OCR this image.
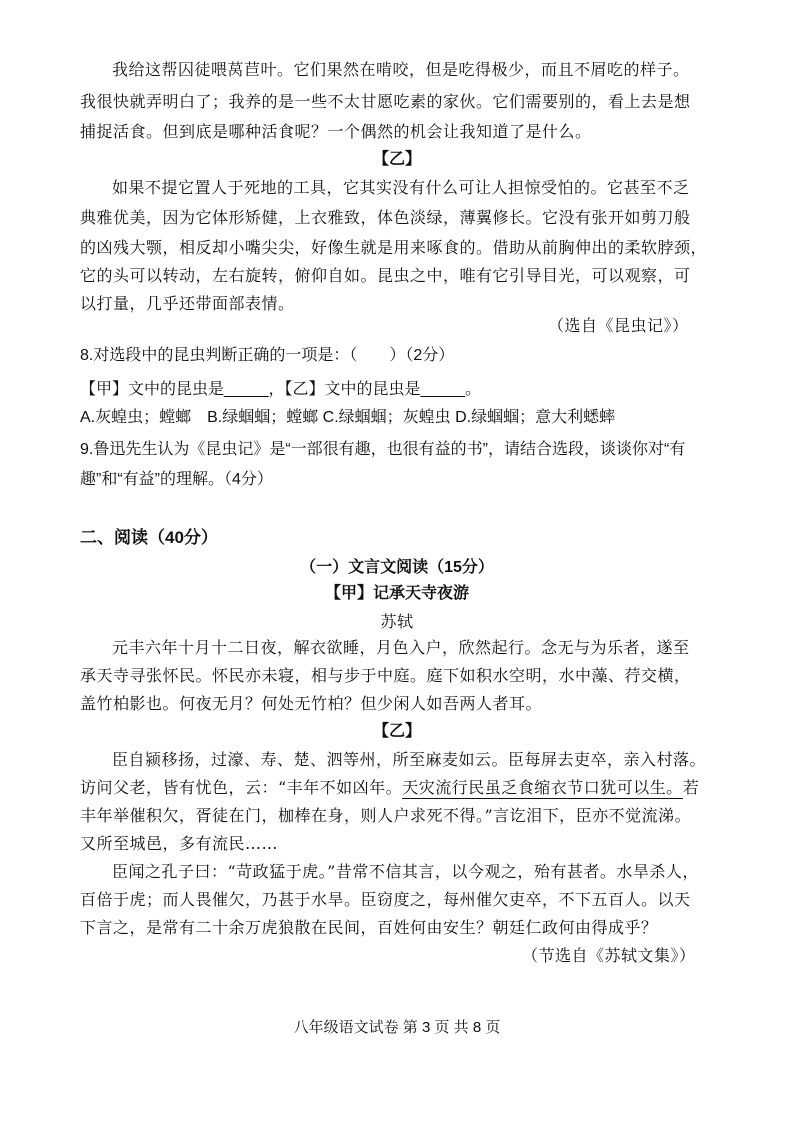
我给这帮囚徒喂莴苣叶。它们果然在啃咬，但是吃得极少，而且不屑吃的样子。
我很快就弄明白了；我养的是一些不太甘愿吃素的家伙。它们需要别的，看上去是想
捕捉活食。但到底是哪种活食呢？一个偶然的机会让我知道了是什么。
【乙】
如果不提它置人于死地的工具，它其实没有什么可让人担惊受怕的。它甚至不乏
典雅优美，因为它体形矫健，上衣雅致，体色淡绿，薄翼修长。它没有张开如剪刀般
的凶残大颚，相反却小嘴尖尖，好像生就是用来啄食的。借助从前胸伸出的柔软脖颈，
它的头可以转动，左右旋转，俯仰自如。昆虫之中，唯有它引导目光，可以观察，可
以打量，几乎还带面部表情。
（选自《昆虫记》）
8.对选段中的昆虫判断正确的一项是：（　　）（2分）
【甲】文中的昆虫是_____，【乙】文中的昆虫是_____。
A.灰蝗虫；螳螂　B.绿蝈蝈；螳螂 C.绿蝈蝈；灰蝗虫 D.绿蝈蝈；意大利蟋蟀
9.鲁迅先生认为《昆虫记》是“一部很有趣，也很有益的书”，请结合选段，谈谈你对“有
趣”和“有益”的理解。（4分）
二、阅读（40分）
（一）文言文阅读（15分）
【甲】记承天寺夜游
苏轼
元丰六年十月十二日夜，解衣欲睡，月色入户，欣然起行。念无与为乐者，遂至
承天寺寻张怀民。怀民亦未寝，相与步于中庭。庭下如积水空明，水中藻、荇交横，
盖竹柏影也。何夜无月？何处无竹柏？但少闲人如吾两人者耳。
【乙】
臣自颍移扬，过濠、寿、楚、泗等州，所至麻麦如云。臣每屏去吏卒，亲入村落。
访问父老，皆有忧色，云：“丰年不如凶年。天灾流行民虽乏食缩衣节口犹可以生。若
丰年举催积欠，胥徒在门，枷棒在身，则人户求死不得。”言讫泪下，臣亦不觉流涕。
又所至城邑，多有流民……
臣闻之孔子曰：“苛政猛于虎。”昔常不信其言，以今观之，殆有甚者。水旱杀人，
百倍于虎；而人畏催欠，乃甚于水旱。臣窃度之，每州催欠吏卒，不下五百人。以天
下言之，是常有二十余万虎狼散在民间，百姓何由安生？朝廷仁政何由得成乎？
（节选自《苏轼文集》）
八年级语文试卷 第 3 页 共 8 页
